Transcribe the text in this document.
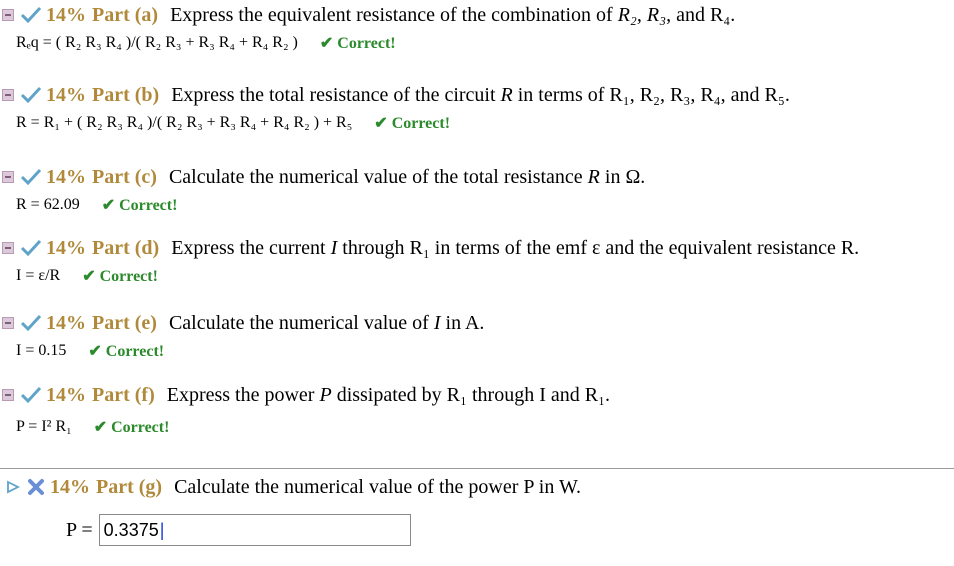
14% Part (a) Express the equivalent resistance of the combination of R₂, R₃, and R₄.
Rₑq = ( R₂ R₃ R₄ )/( R₂ R₃ + R₃ R₄ + R₄ R₂ ) ✔ Correct!
14% Part (b) Express the total resistance of the circuit R in terms of R₁, R₂, R₃, R₄, and R₅.
R = R₁ + ( R₂ R₃ R₄ )/( R₂ R₃ + R₃ R₄ + R₄ R₂ ) + R₅ ✔ Correct!
14% Part (c) Calculate the numerical value of the total resistance R in Ω.
R = 62.09 ✔ Correct!
14% Part (d) Express the current I through R₁ in terms of the emf ε and the equivalent resistance R.
I = ε/R ✔ Correct!
14% Part (e) Calculate the numerical value of I in A.
I = 0.15 ✔ Correct!
14% Part (f) Express the power P dissipated by R₁ through I and R₁.
P = I² R₁ ✔ Correct!
14% Part (g) Calculate the numerical value of the power P in W.
P = 0.3375 |
